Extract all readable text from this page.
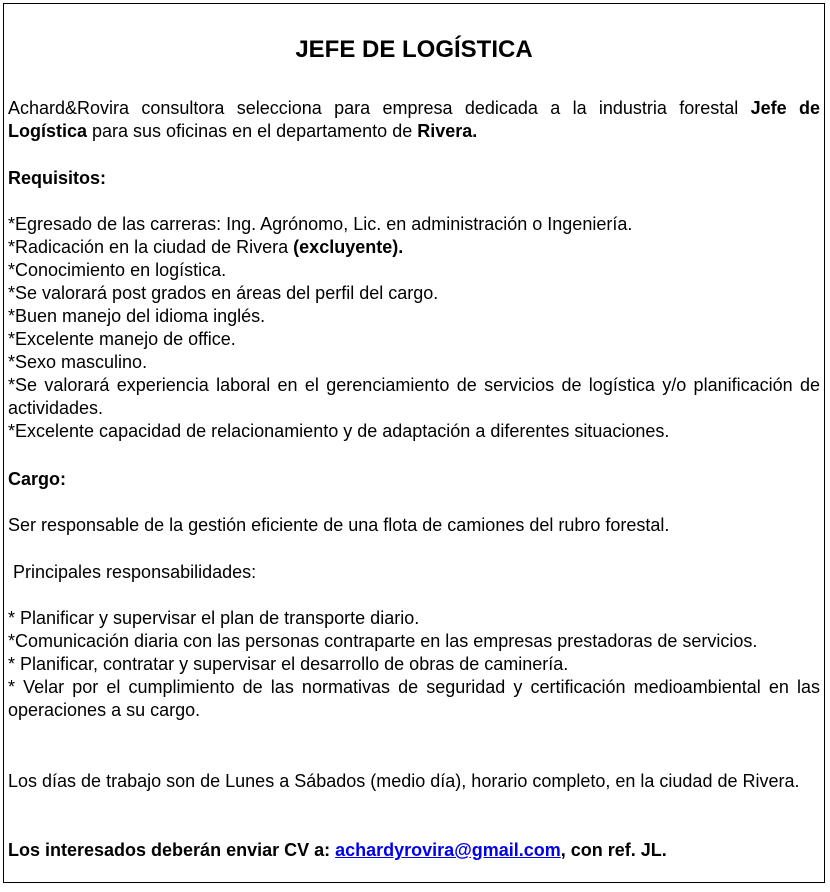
JEFE DE LOGÍSTICA

Achard&Rovira consultora selecciona para empresa dedicada a la industria forestal Jefe de Logística para sus oficinas en el departamento de Rivera.

Requisitos:

*Egresado de las carreras: Ing. Agrónomo, Lic. en administración o Ingeniería.
*Radicación en la ciudad de Rivera (excluyente).
*Conocimiento en logística.
*Se valorará post grados en áreas del perfil del cargo.
*Buen manejo del idioma inglés.
*Excelente manejo de office.
*Sexo masculino.
*Se valorará experiencia laboral en el gerenciamiento de servicios de logística y/o planificación de actividades.
*Excelente capacidad de relacionamiento y de adaptación a diferentes situaciones.

Cargo:

Ser responsable de la gestión eficiente de una flota de camiones del rubro forestal.

Principales responsabilidades:

* Planificar y supervisar el plan de transporte diario.
*Comunicación diaria con las personas contraparte en las empresas prestadoras de servicios.
* Planificar, contratar y supervisar el desarrollo de obras de caminería.
* Velar por el cumplimiento de las normativas de seguridad y certificación medioambiental en las operaciones a su cargo.

Los días de trabajo son de Lunes a Sábados (medio día), horario completo, en la ciudad de Rivera.

Los interesados deberán enviar CV a: achardyrovira@gmail.com, con ref. JL.
